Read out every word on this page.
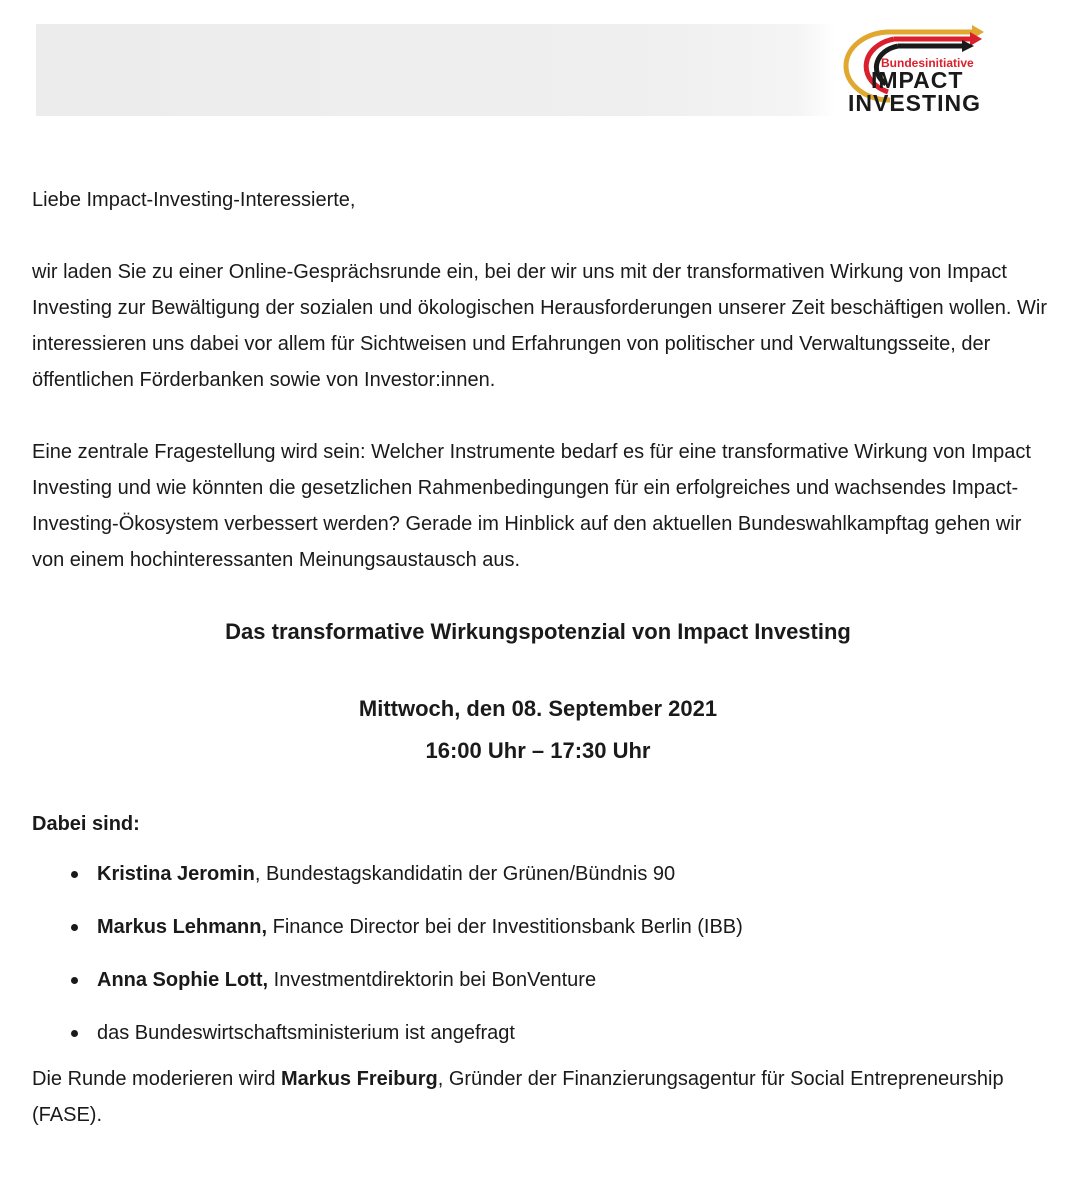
Bundesinitiative
IMPACT
INVESTING

Liebe Impact-Investing-Interessierte,

wir laden Sie zu einer Online-Gesprächsrunde ein, bei der wir uns mit der transformativen Wirkung von Impact Investing zur Bewältigung der sozialen und ökologischen Herausforderungen unserer Zeit beschäftigen wollen. Wir interessieren uns dabei vor allem für Sichtweisen und Erfahrungen von politischer und Verwaltungsseite, der öffentlichen Förderbanken sowie von Investor:innen.

Eine zentrale Fragestellung wird sein: Welcher Instrumente bedarf es für eine transformative Wirkung von Impact Investing und wie könnten die gesetzlichen Rahmenbedingungen für ein erfolgreiches und wachsendes Impact-Investing-Ökosystem verbessert werden? Gerade im Hinblick auf den aktuellen Bundeswahlkampftag gehen wir von einem hochinteressanten Meinungsaustausch aus.

Das transformative Wirkungspotenzial von Impact Investing
Mittwoch, den 08. September 2021
16:00 Uhr – 17:30 Uhr
Dabei sind:
Kristina Jeromin, Bundestagskandidatin der Grünen/Bündnis 90
Markus Lehmann, Finance Director bei der Investitionsbank Berlin (IBB)
Anna Sophie Lott, Investmentdirektorin bei BonVenture
das Bundeswirtschaftsministerium ist angefragt

Die Runde moderieren wird Markus Freiburg, Gründer der Finanzierungsagentur für Social Entrepreneurship (FASE).
